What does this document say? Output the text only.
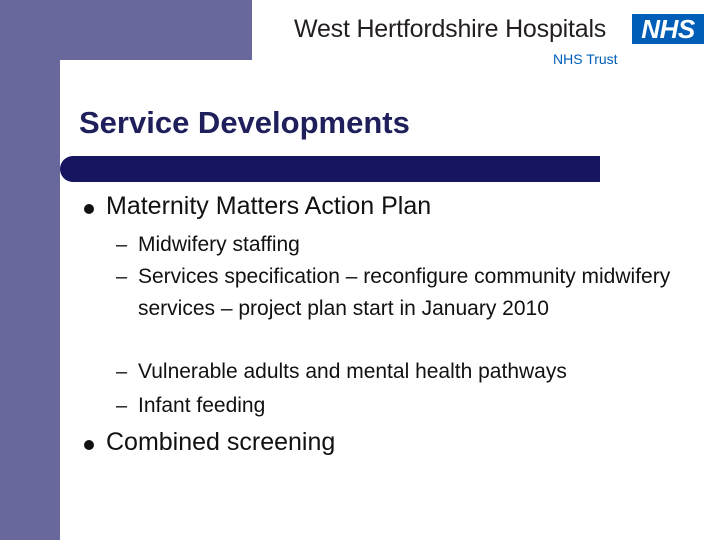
West Hertfordshire Hospitals	NHS
NHS Trust
Service Developments
Maternity Matters Action Plan
– Midwifery staffing
– Services specification – reconfigure community midwifery services – project plan start in January 2010
– Vulnerable adults and mental health pathways
– Infant feeding
Combined screening
